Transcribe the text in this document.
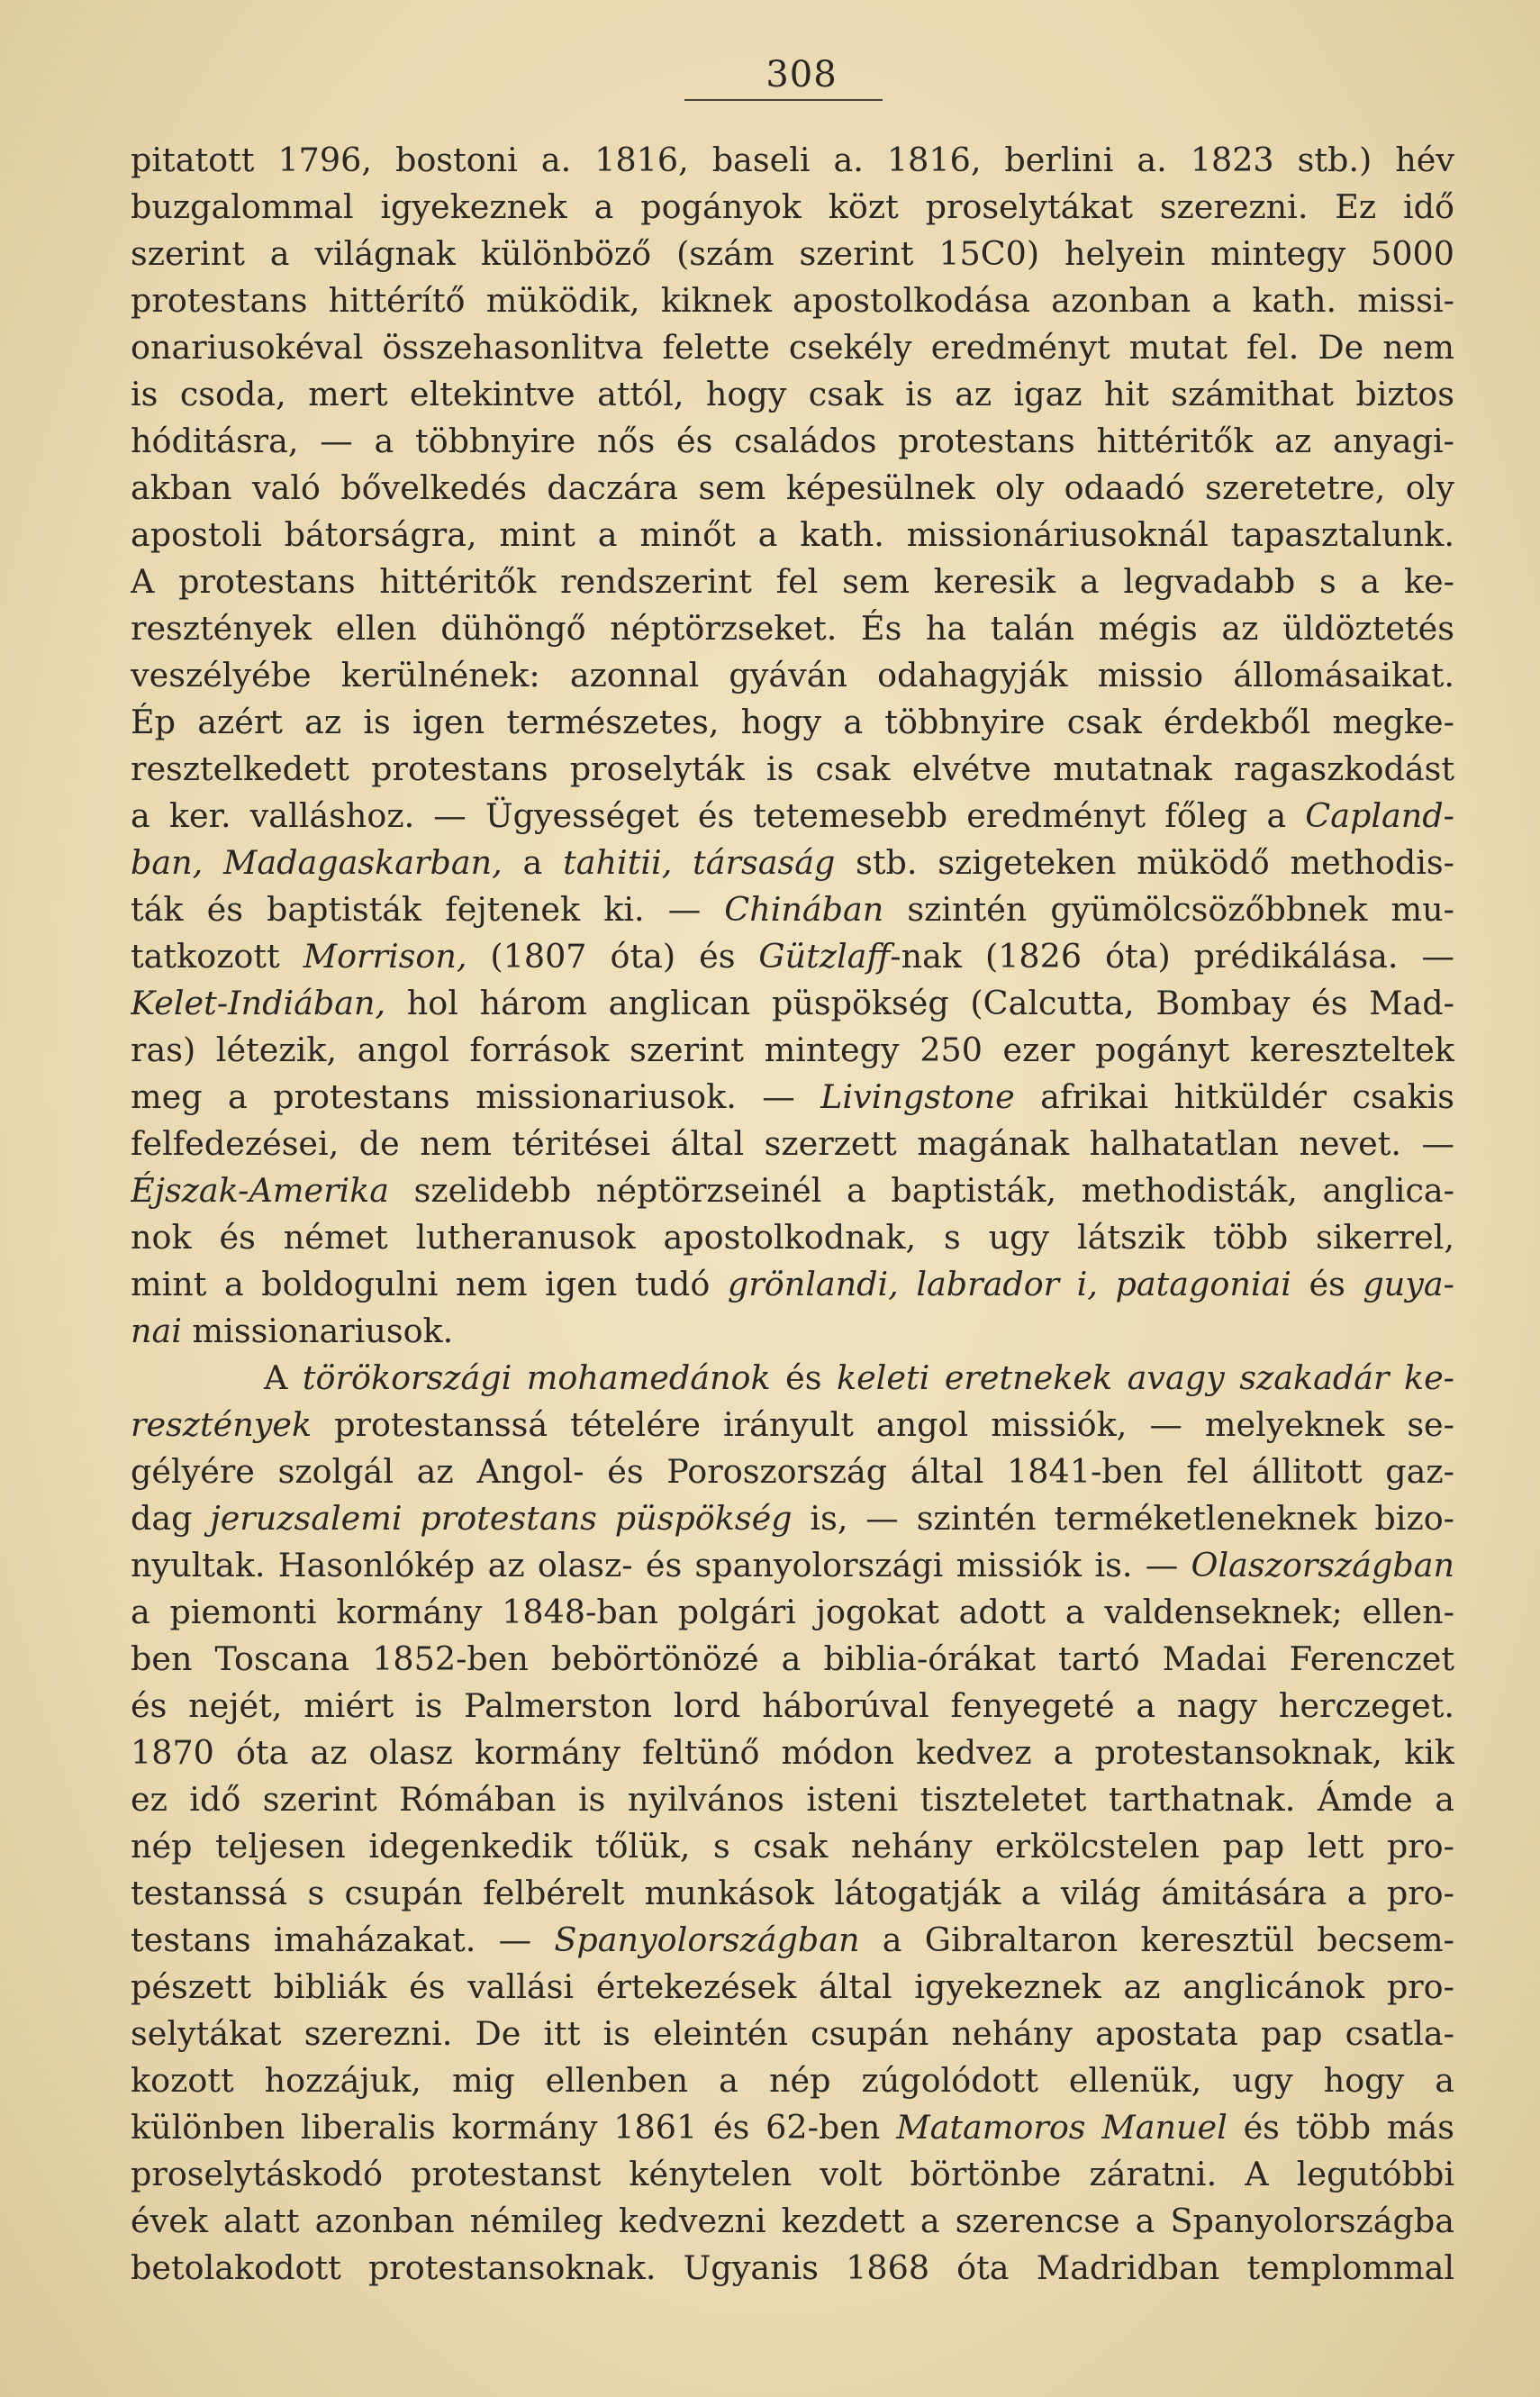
308
pitatott 1796, bostoni a. 1816, baseli a. 1816, berlini a. 1823 stb.) hév
buzgalommal igyekeznek a pogányok közt proselytákat szerezni. Ez idő
szerint a világnak különböző (szám szerint 15C0) helyein mintegy 5000
protestans hittérítő müködik, kiknek apostolkodása azonban a kath. missi-
onariusokéval összehasonlitva felette csekély eredményt mutat fel. De nem
is csoda, mert eltekintve attól, hogy csak is az igaz hit számithat biztos
hóditásra, — a többnyire nős és családos protestans hittéritők az anyagi-
akban való bővelkedés daczára sem képesülnek oly odaadó szeretetre, oly
apostoli bátorságra, mint a minőt a kath. missionáriusoknál tapasztalunk.
A protestans hittéritők rendszerint fel sem keresik a legvadabb s a ke-
resztények ellen dühöngő néptörzseket. És ha talán mégis az üldöztetés
veszélyébe kerülnének: azonnal gyáván odahagyják missio állomásaikat.
Ép azért az is igen természetes, hogy a többnyire csak érdekből megke-
resztelkedett protestans proselyták is csak elvétve mutatnak ragaszkodást
a ker. valláshoz. — Ügyességet és tetemesebb eredményt főleg a Capland-
ban, Madagaskarban, a tahitii, társaság stb. szigeteken müködő methodis-
ták és baptisták fejtenek ki. — Chinában szintén gyümölcsözőbbnek mu-
tatkozott Morrison, (1807 óta) és Gützlaff-nak (1826 óta) prédikálása. —
Kelet-Indiában, hol három anglican püspökség (Calcutta, Bombay és Mad-
ras) létezik, angol források szerint mintegy 250 ezer pogányt kereszteltek
meg a protestans missionariusok. — Livingstone afrikai hitküldér csakis
felfedezései, de nem téritései által szerzett magának halhatatlan nevet. —
Éjszak-Amerika szelidebb néptörzseinél a baptisták, methodisták, anglica-
nok és német lutheranusok apostolkodnak, s ugy látszik több sikerrel,
mint a boldogulni nem igen tudó grönlandi, labrador i, patagoniai és guya-
nai missionariusok.
A törökországi mohamedánok és keleti eretnekek avagy szakadár ke-
resztények protestanssá tételére irányult angol missiók, — melyeknek se-
gélyére szolgál az Angol- és Poroszország által 1841-ben fel állitott gaz-
dag jeruzsalemi protestans püspökség is, — szintén terméketleneknek bizo-
nyultak. Hasonlókép az olasz- és spanyolországi missiók is. — Olaszországban
a piemonti kormány 1848-ban polgári jogokat adott a valdenseknek; ellen-
ben Toscana 1852-ben bebörtönözé a biblia-órákat tartó Madai Ferenczet
és nejét, miért is Palmerston lord háborúval fenyegeté a nagy herczeget.
1870 óta az olasz kormány feltünő módon kedvez a protestansoknak, kik
ez idő szerint Rómában is nyilvános isteni tiszteletet tarthatnak. Ámde a
nép teljesen idegenkedik tőlük, s csak nehány erkölcstelen pap lett pro-
testanssá s csupán felbérelt munkások látogatják a világ ámitására a pro-
testans imaházakat. — Spanyolországban a Gibraltaron keresztül becsem-
pészett bibliák és vallási értekezések által igyekeznek az anglicánok pro-
selytákat szerezni. De itt is eleintén csupán nehány apostata pap csatla-
kozott hozzájuk, mig ellenben a nép zúgolódott ellenük, ugy hogy a
különben liberalis kormány 1861 és 62-ben Matamoros Manuel és több más
proselytáskodó protestanst kénytelen volt börtönbe záratni. A legutóbbi
évek alatt azonban némileg kedvezni kezdett a szerencse a Spanyolországba
betolakodott protestansoknak. Ugyanis 1868 óta Madridban templommal
